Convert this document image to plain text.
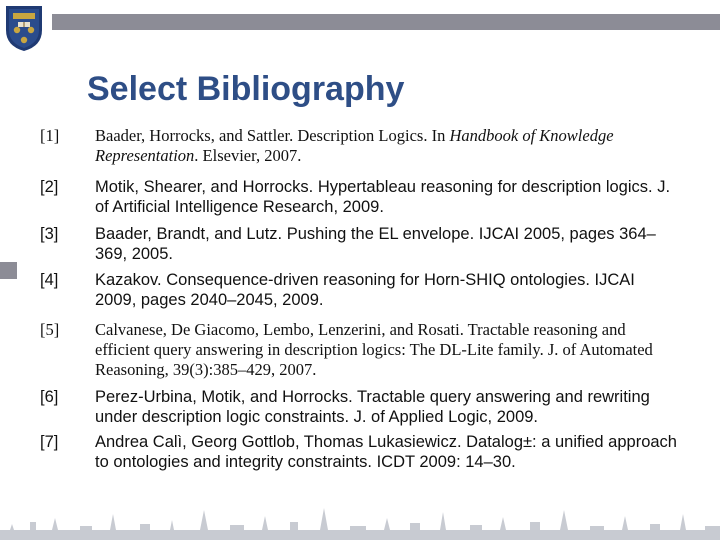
Select Bibliography
[1] Baader, Horrocks, and Sattler. Description Logics. In Handbook of Knowledge Representation. Elsevier, 2007.
[2] Motik, Shearer, and Horrocks. Hypertableau reasoning for description logics. J. of Artificial Intelligence Research, 2009.
[3] Baader, Brandt, and Lutz. Pushing the EL envelope. IJCAI 2005, pages 364–369, 2005.
[4] Kazakov. Consequence-driven reasoning for Horn-SHIQ ontologies. IJCAI 2009, pages 2040–2045, 2009.
[5] Calvanese, De Giacomo, Lembo, Lenzerini, and Rosati. Tractable reasoning and efficient query answering in description logics: The DL-Lite family. J. of Automated Reasoning, 39(3):385–429, 2007.
[6] Perez-Urbina, Motik, and Horrocks. Tractable query answering and rewriting under description logic constraints. J. of Applied Logic, 2009.
[7] Andrea Calì, Georg Gottlob, Thomas Lukasiewicz. Datalog±: a unified approach to ontologies and integrity constraints. ICDT 2009: 14–30.
